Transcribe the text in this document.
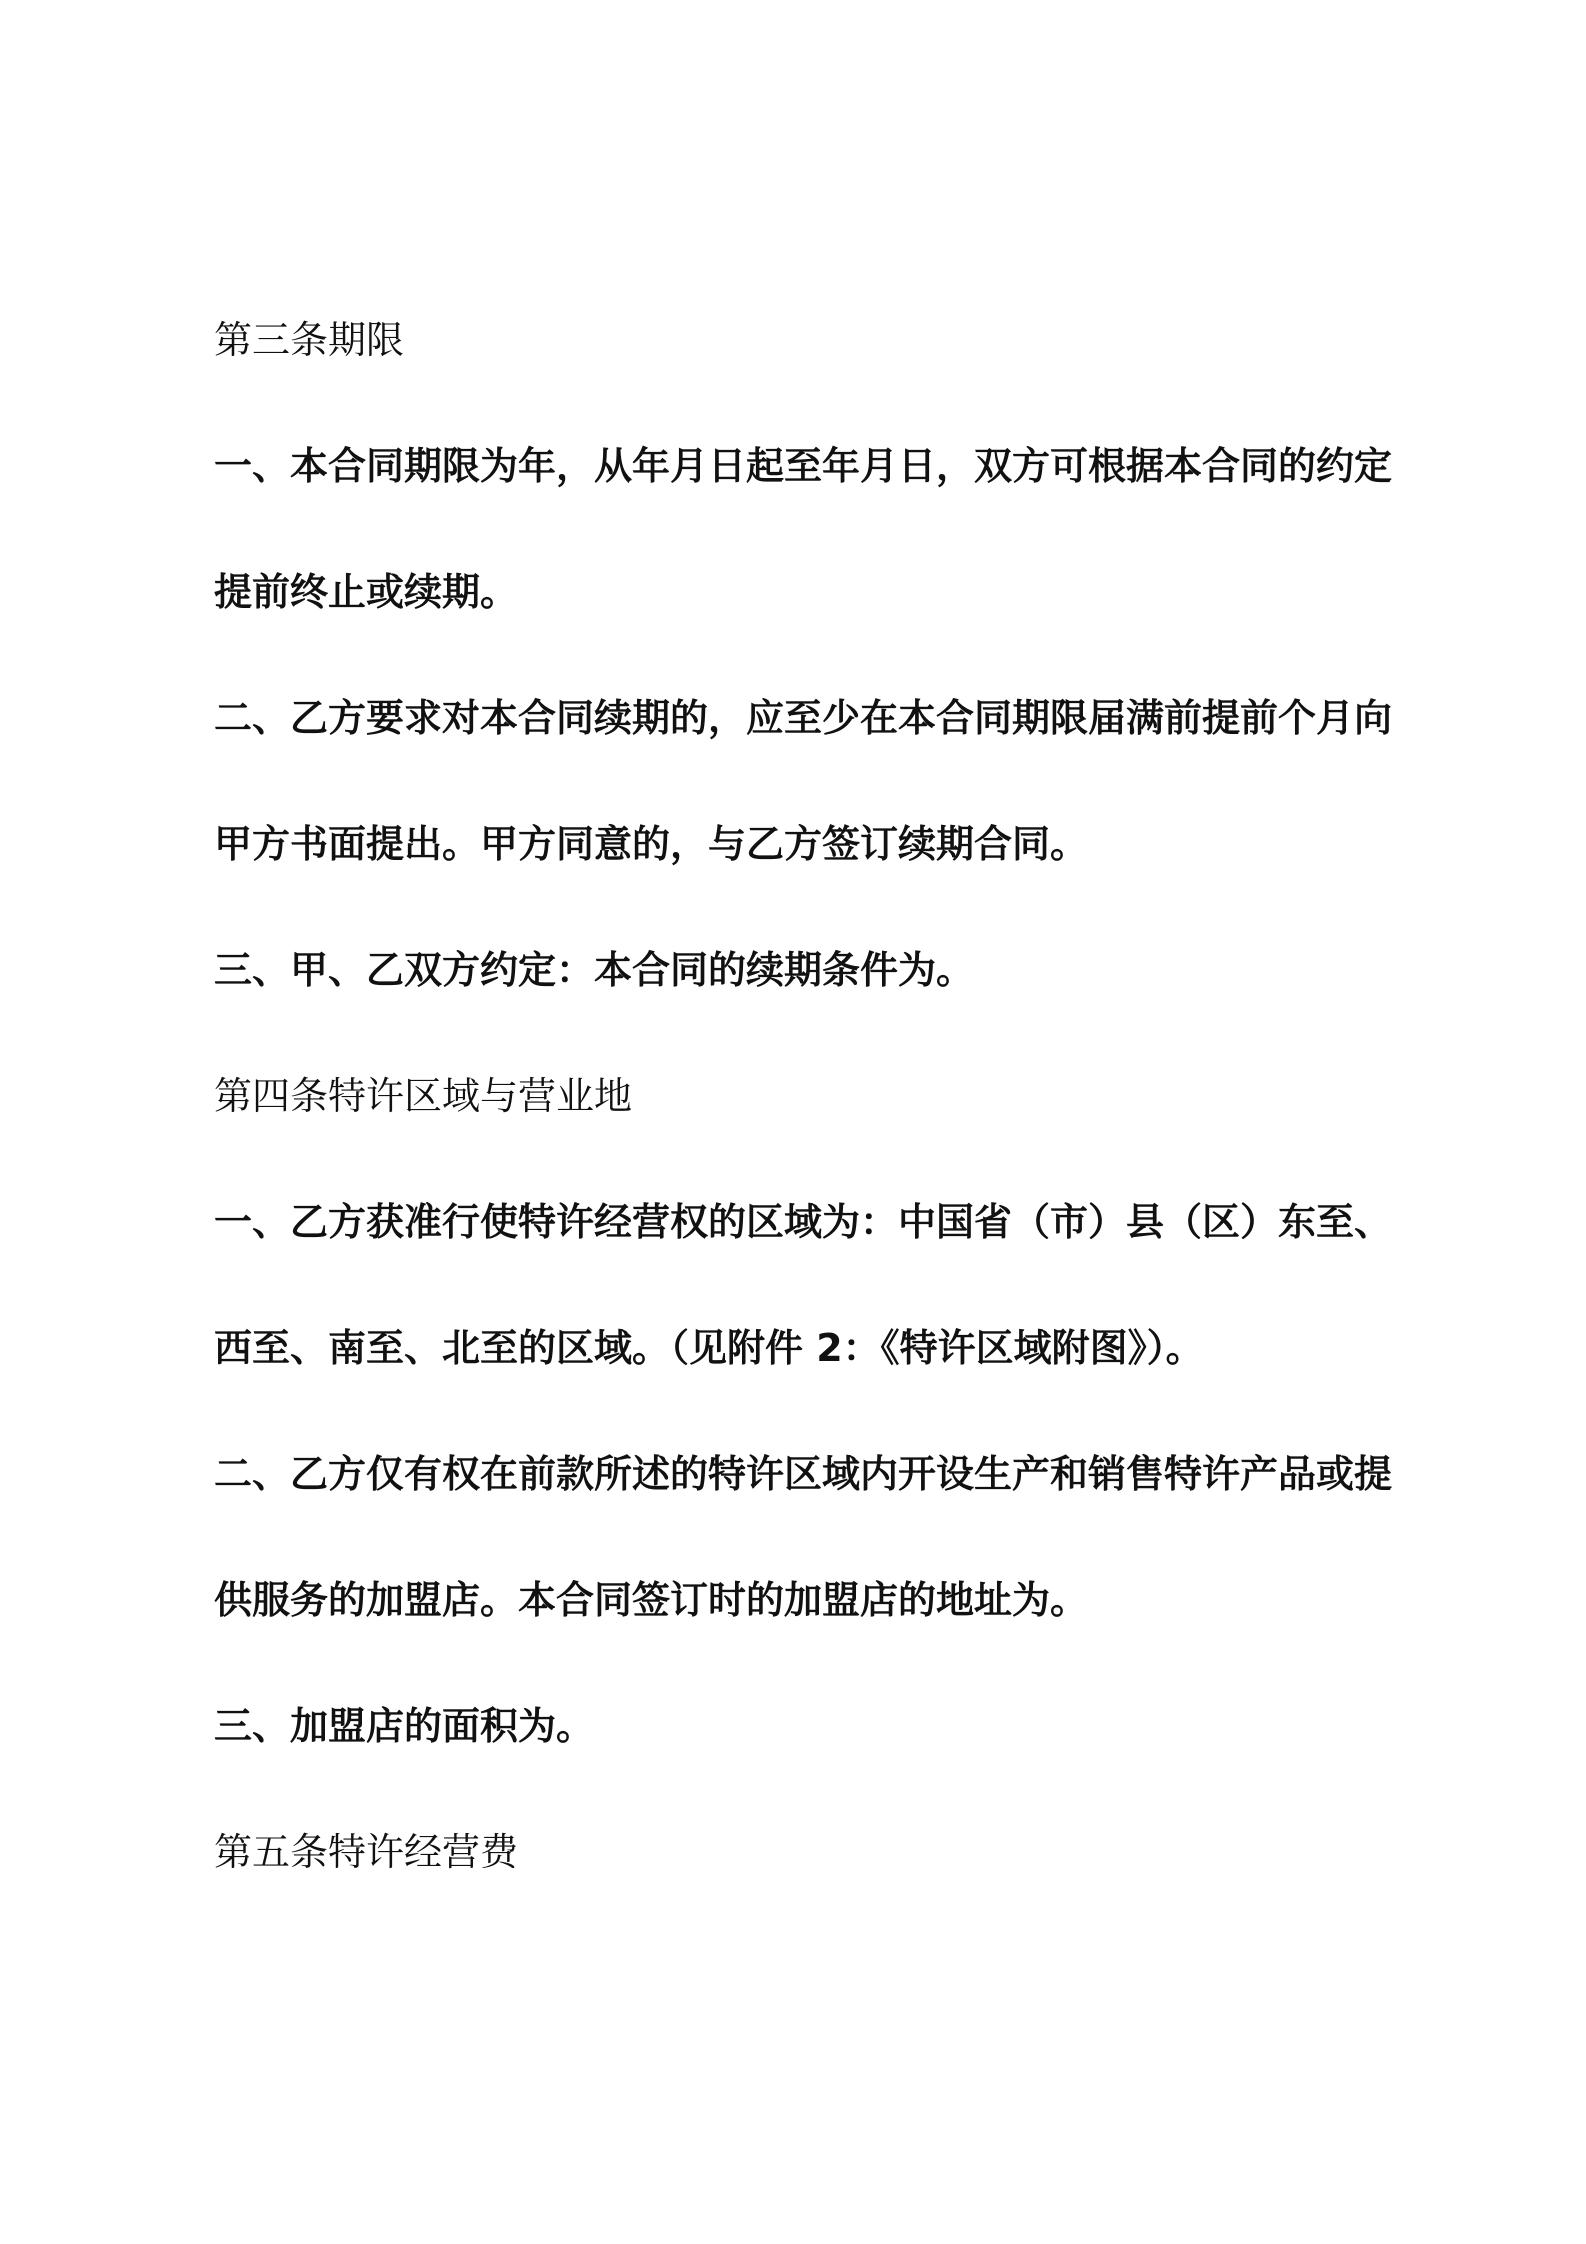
第三条期限
一、本合同期限为年，从年月日起至年月日，双方可根据本合同的约定
提前终止或续期。
二、乙方要求对本合同续期的，应至少在本合同期限届满前提前个月向
甲方书面提出。甲方同意的，与乙方签订续期合同。
三、甲、乙双方约定：本合同的续期条件为。
第四条特许区域与营业地
一、乙方获准行使特许经营权的区域为：中国省（市）县（区）东至、
西至、南至、北至的区域。（见附件 2：《特许区域附图》）。
二、乙方仅有权在前款所述的特许区域内开设生产和销售特许产品或提
供服务的加盟店。本合同签订时的加盟店的地址为。
三、加盟店的面积为。
第五条特许经营费
